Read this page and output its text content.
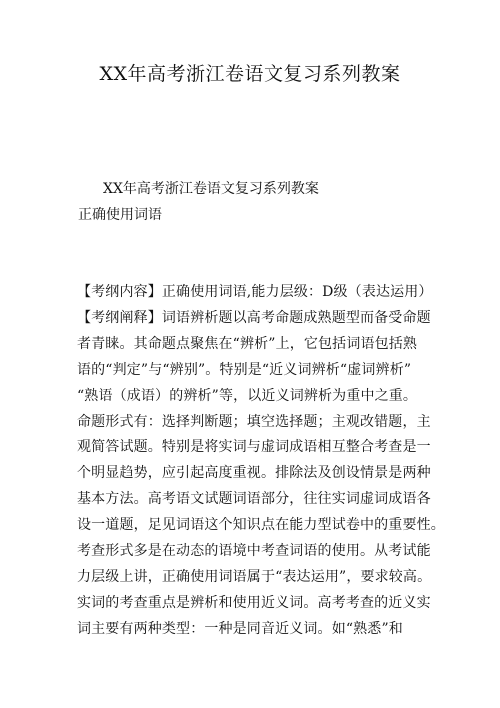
XX年高考浙江卷语文复习系列教案
XX年高考浙江卷语文复习系列教案
正确使用词语
【考纲内容】正确使用词语,能力层级：D级（表达运用）
【考纲阐释】词语辨析题以高考命题成熟题型而备受命题
者青睐。其命题点聚焦在“辨析”上，它包括词语包括熟
语的“判定”与“辨别”。特别是“近义词辨析“虚词辨析”
“熟语（成语）的辨析”等，以近义词辨析为重中之重。
命题形式有：选择判断题；填空选择题；主观改错题，主
观简答试题。特别是将实词与虚词成语相互整合考查是一
个明显趋势，应引起高度重视。排除法及创设情景是两种
基本方法。高考语文试题词语部分，往往实词虚词成语各
设一道题，足见词语这个知识点在能力型试卷中的重要性。
考查形式多是在动态的语境中考查词语的使用。从考试能
力层级上讲，正确使用词语属于“表达运用”，要求较高。
实词的考查重点是辨析和使用近义词。高考考查的近义实
词主要有两种类型：一种是同音近义词。如“熟悉”和
